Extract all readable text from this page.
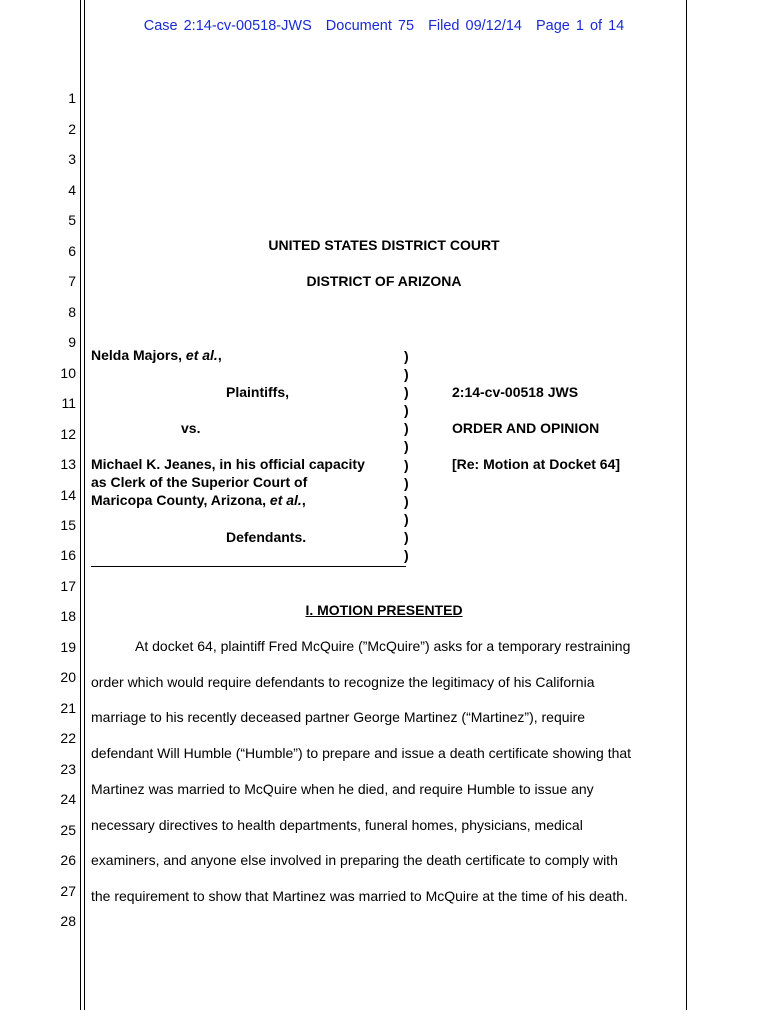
Case 2:14-cv-00518-JWS Document 75 Filed 09/12/14 Page 1 of 14
1
2
3
4
5
6
7
8
9
10
11
12
13
14
15
16
17
18
19
20
21
22
23
24
25
26
27
28
UNITED STATES DISTRICT COURT
DISTRICT OF ARIZONA
Nelda Majors, et al.,
Plaintiffs,
vs.
Michael K. Jeanes, in his official capacity
as Clerk of the Superior Court of
Maricopa County, Arizona, et al.,
Defendants.
)
)
)
)
)
)
)
)
)
)
)
)
2:14-cv-00518 JWS
ORDER AND OPINION
[Re: Motion at Docket 64]
I. MOTION PRESENTED
At docket 64, plaintiff Fred McQuire (”McQuire”) asks for a temporary restraining
order which would require defendants to recognize the legitimacy of his California
marriage to his recently deceased partner George Martinez (“Martinez”), require
defendant Will Humble (“Humble”) to prepare and issue a death certificate showing that
Martinez was married to McQuire when he died, and require Humble to issue any
necessary directives to health departments, funeral homes, physicians, medical
examiners, and anyone else involved in preparing the death certificate to comply with
the requirement to show that Martinez was married to McQuire at the time of his death.
